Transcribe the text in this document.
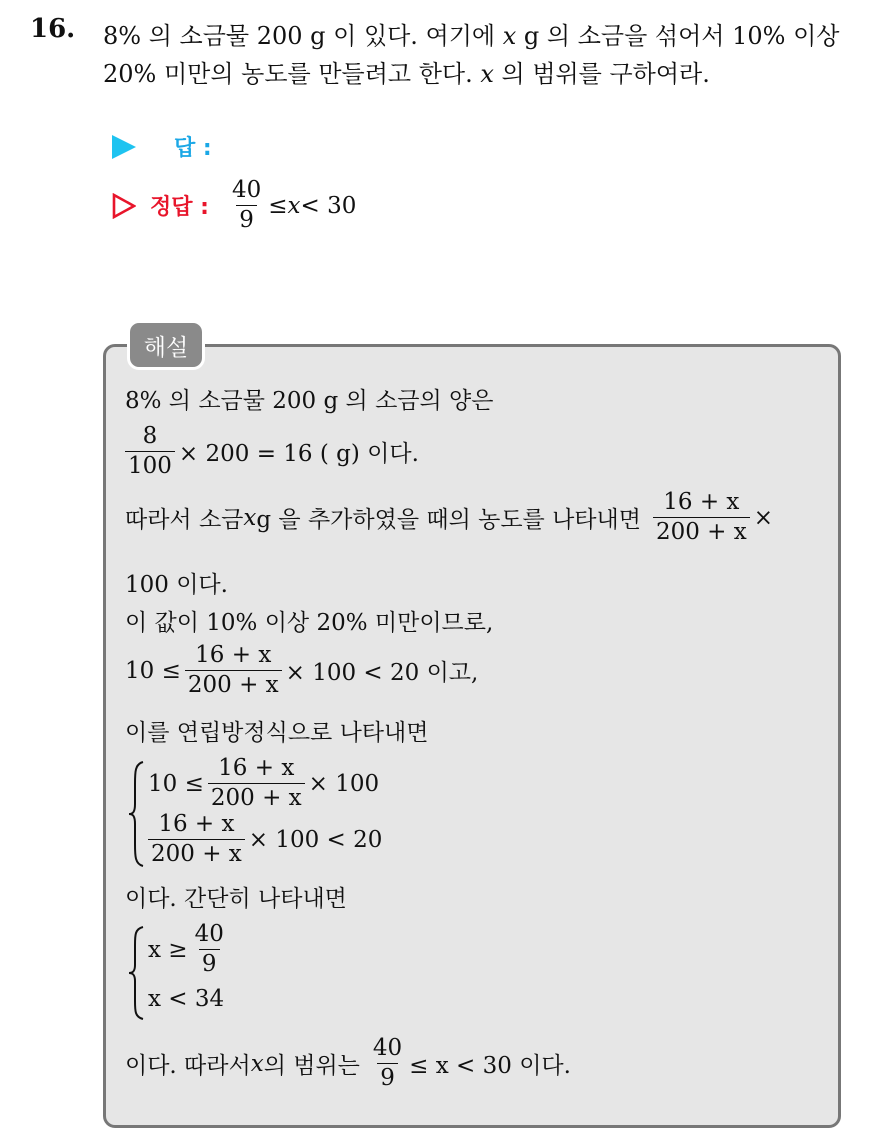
16. 8% 의 소금물 200 g 이 있다. 여기에 x g 의 소금을 섞어서 10% 이상
20% 미만의 농도를 만들려고 한다. x 의 범위를 구하여라.
답 :
정답 : $\frac{40}{9} \le x < 30$
해설
8% 의 소금물 200 g 의 소금의 양은
$\frac{8}{100} \times 200 = 16$ ( g) 이다.
따라서 소금 x g 을 추가하였을 때의 농도를 나타내면 $\frac{16 + x}{200 + x}$ ×
100 이다.
이 값이 10% 이상 20% 미만이므로,
$10 \le \frac{16 + x}{200 + x} \times 100 < 20$ 이고,
이를 연립방정식으로 나타내면
$10 \le \frac{16 + x}{200 + x} \times 100$
$\frac{16 + x}{200 + x} \times 100 < 20$
이다. 간단히 나타내면
$x \ge \frac{40}{9}$
x < 34
이다. 따라서 x 의 범위는 $\frac{40}{9} \le x < 30$ 이다.
